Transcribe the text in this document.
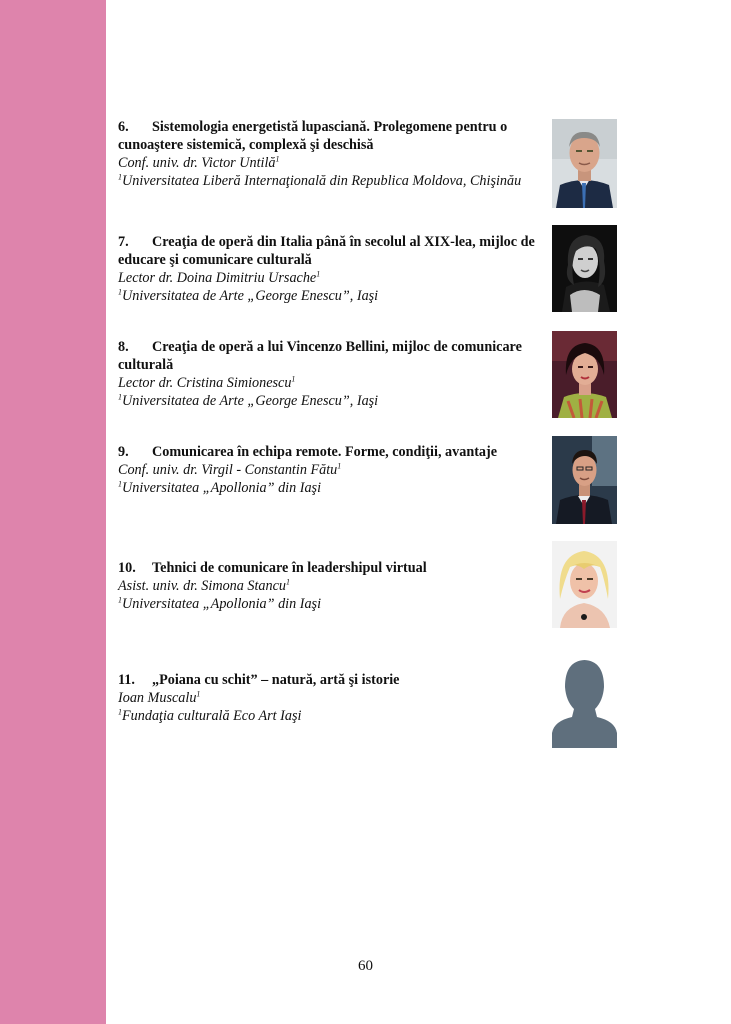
6. Sistemologia energetistă lupasciană. Prolegomene pentru o cunoaştere sistemică, complexă şi deschisă
Conf. univ. dr. Victor Untilă$^1$
$^1$Universitatea Liberă Internaţională din Republica Moldova, Chişinău
7. Creaţia de operă din Italia până în secolul al XIX-lea, mijloc de educare şi comunicare culturală
Lector dr. Doina Dimitriu Ursache$^1$
$^1$Universitatea de Arte „George Enescu”, Iaşi
8. Creaţia de operă a lui Vincenzo Bellini, mijloc de comunicare culturală
Lector dr. Cristina Simionescu$^1$
$^1$Universitatea de Arte „George Enescu”, Iaşi
9. Comunicarea în echipa remote. Forme, condiţii, avantaje
Conf. univ. dr. Virgil - Constantin Fătu$^1$
$^1$Universitatea „Apollonia” din Iaşi
10. Tehnici de comunicare în leadershipul virtual
Asist. univ. dr. Simona Stancu$^1$
$^1$Universitatea „Apollonia” din Iaşi
11. „Poiana cu schit” – natură, artă şi istorie
Ioan Muscalu$^1$
$^1$Fundaţia culturală Eco Art Iaşi
60
